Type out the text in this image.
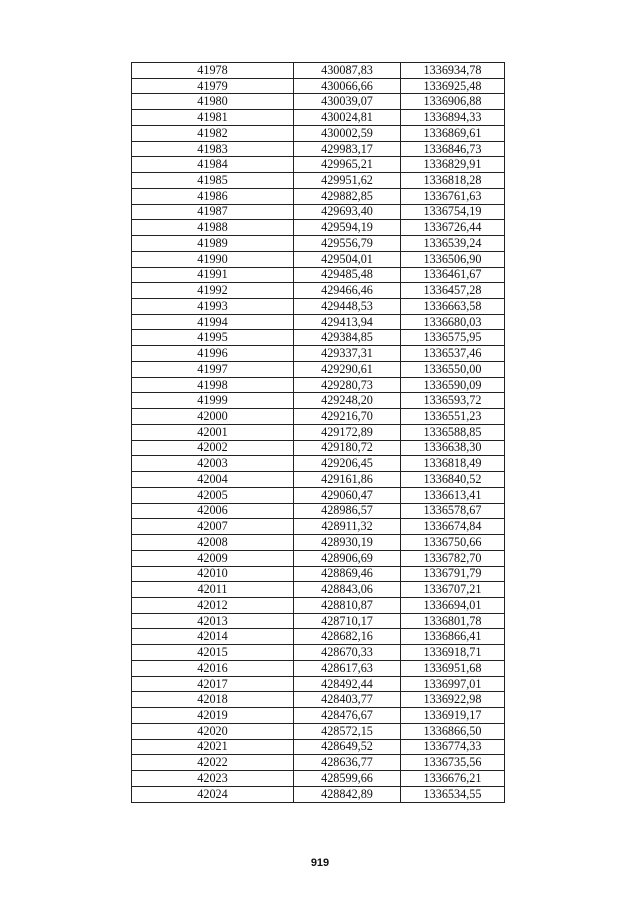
41978	430087,83	1336934,78
41979	430066,66	1336925,48
41980	430039,07	1336906,88
41981	430024,81	1336894,33
41982	430002,59	1336869,61
41983	429983,17	1336846,73
41984	429965,21	1336829,91
41985	429951,62	1336818,28
41986	429882,85	1336761,63
41987	429693,40	1336754,19
41988	429594,19	1336726,44
41989	429556,79	1336539,24
41990	429504,01	1336506,90
41991	429485,48	1336461,67
41992	429466,46	1336457,28
41993	429448,53	1336663,58
41994	429413,94	1336680,03
41995	429384,85	1336575,95
41996	429337,31	1336537,46
41997	429290,61	1336550,00
41998	429280,73	1336590,09
41999	429248,20	1336593,72
42000	429216,70	1336551,23
42001	429172,89	1336588,85
42002	429180,72	1336638,30
42003	429206,45	1336818,49
42004	429161,86	1336840,52
42005	429060,47	1336613,41
42006	428986,57	1336578,67
42007	428911,32	1336674,84
42008	428930,19	1336750,66
42009	428906,69	1336782,70
42010	428869,46	1336791,79
42011	428843,06	1336707,21
42012	428810,87	1336694,01
42013	428710,17	1336801,78
42014	428682,16	1336866,41
42015	428670,33	1336918,71
42016	428617,63	1336951,68
42017	428492,44	1336997,01
42018	428403,77	1336922,98
42019	428476,67	1336919,17
42020	428572,15	1336866,50
42021	428649,52	1336774,33
42022	428636,77	1336735,56
42023	428599,66	1336676,21
42024	428842,89	1336534,55
919
